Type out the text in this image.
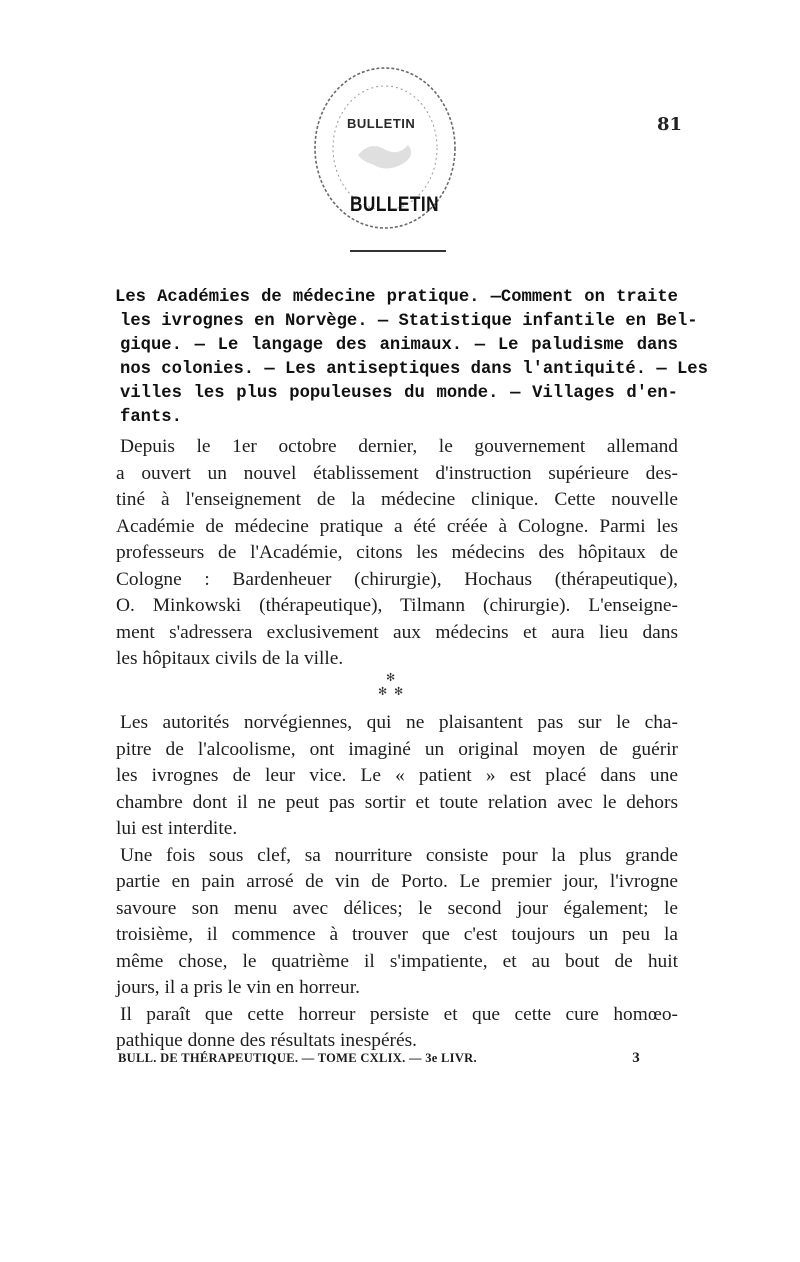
BULLETIN
BULLETIN
81
Les Académies de médecine pratique. —Comment on traite
les ivrognes en Norvège. — Statistique infantile en Bel-
gique. — Le langage des animaux. — Le paludisme dans
nos colonies. — Les antiseptiques dans l'antiquité. — Les
villes les plus populeuses du monde. — Villages d'en-
fants.
Depuis le 1er octobre dernier, le gouvernement allemand
a ouvert un nouvel établissement d'instruction supérieure des-
tiné à l'enseignement de la médecine clinique. Cette nouvelle
Académie de médecine pratique a été créée à Cologne. Parmi les
professeurs de l'Académie, citons les médecins des hôpitaux de
Cologne : Bardenheuer (chirurgie), Hochaus (thérapeutique),
O. Minkowski (thérapeutique), Tilmann (chirurgie). L'enseigne-
ment s'adressera exclusivement aux médecins et aura lieu dans
les hôpitaux civils de la ville.
✻
✻ ✻
Les autorités norvégiennes, qui ne plaisantent pas sur le cha-
pitre de l'alcoolisme, ont imaginé un original moyen de guérir
les ivrognes de leur vice. Le « patient » est placé dans une
chambre dont il ne peut pas sortir et toute relation avec le dehors
lui est interdite.
Une fois sous clef, sa nourriture consiste pour la plus grande
partie en pain arrosé de vin de Porto. Le premier jour, l'ivrogne
savoure son menu avec délices; le second jour également; le
troisième, il commence à trouver que c'est toujours un peu la
même chose, le quatrième il s'impatiente, et au bout de huit
jours, il a pris le vin en horreur.
Il paraît que cette horreur persiste et que cette cure homœo-
pathique donne des résultats inespérés.
BULL. DE THÉRAPEUTIQUE. — TOME CXLIX. — 3e LIVR.	3
